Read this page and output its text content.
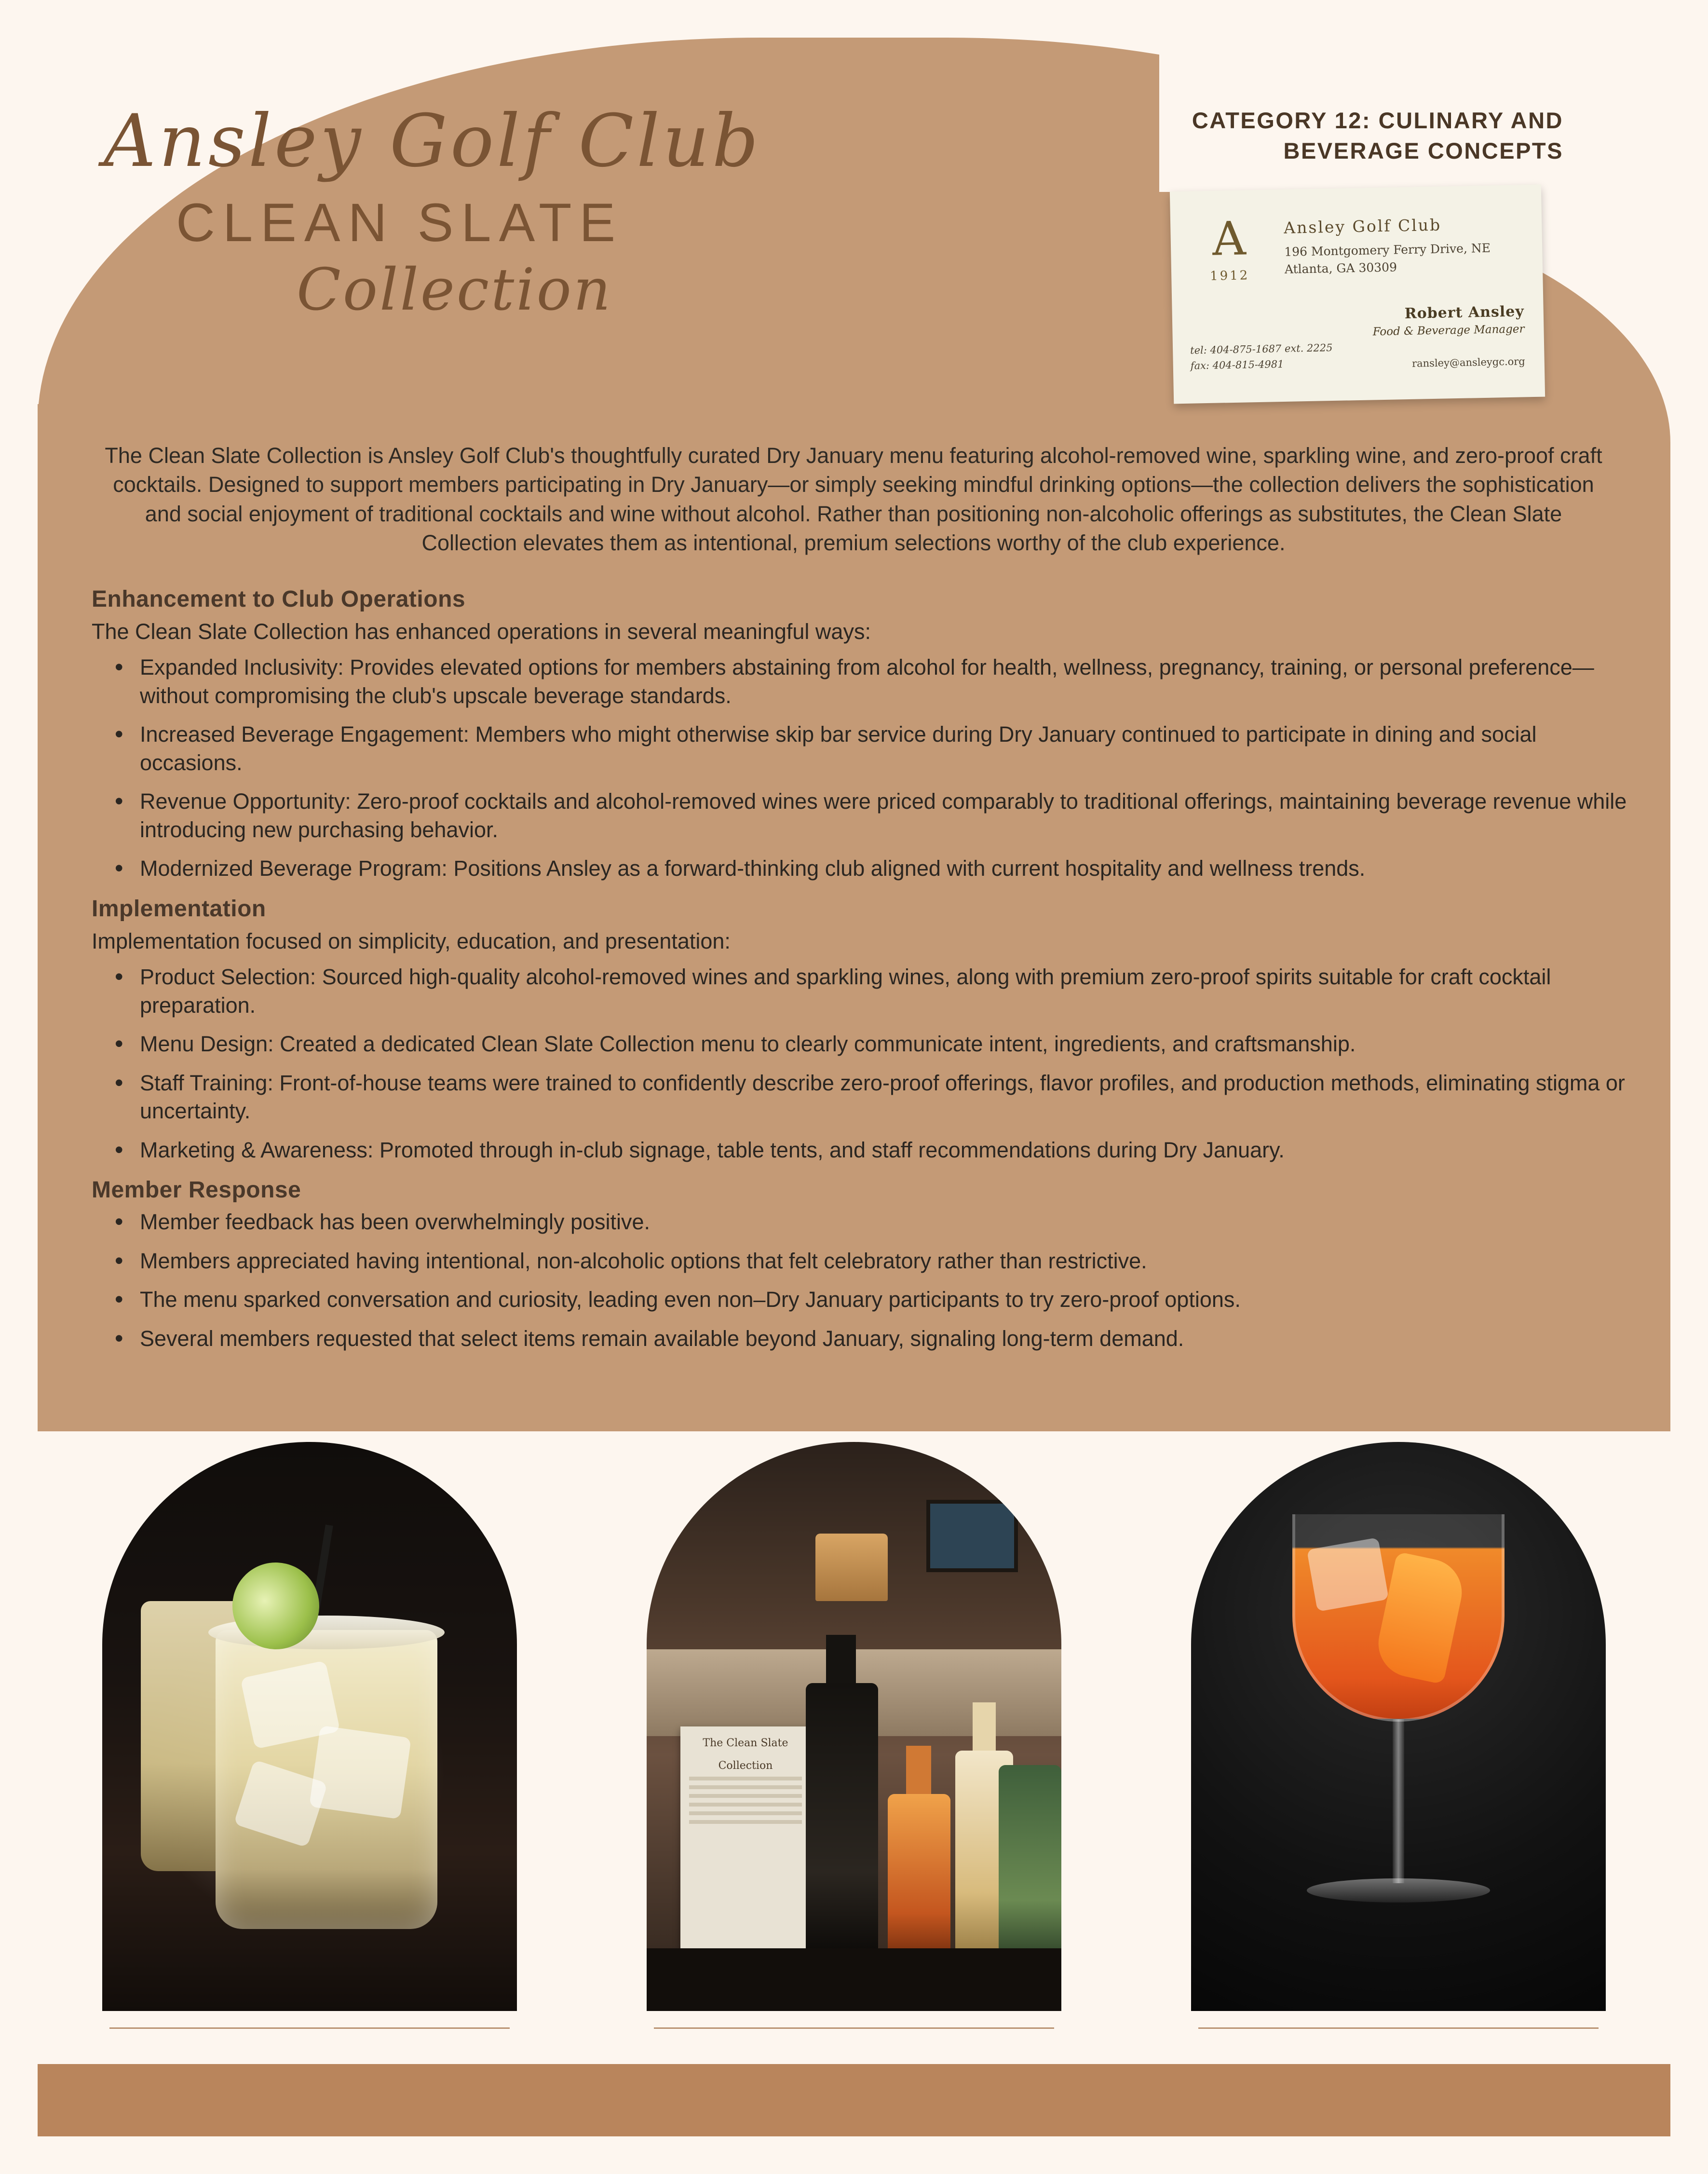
CATEGORY 12: CULINARY AND BEVERAGE CONCEPTS
Ansley Golf Club
CLEAN SLATE
Collection
A
1912
Ansley Golf Club
196 Montgomery Ferry Drive, NE
Atlanta, GA 30309
Robert Ansley
Food & Beverage Manager
tel: 404-875-1687 ext. 2225
fax: 404-815-4981	ransley@ansleygc.org
The Clean Slate Collection is Ansley Golf Club's thoughtfully curated Dry January menu featuring alcohol-removed wine, sparkling wine, and zero-proof craft cocktails. Designed to support members participating in Dry January—or simply seeking mindful drinking options—the collection delivers the sophistication and social enjoyment of traditional cocktails and wine without alcohol. Rather than positioning non-alcoholic offerings as substitutes, the Clean Slate Collection elevates them as intentional, premium selections worthy of the club experience.
Enhancement to Club Operations

The Clean Slate Collection has enhanced operations in several meaningful ways:

• Expanded Inclusivity: Provides elevated options for members abstaining from alcohol for health, wellness, pregnancy, training, or personal preference—without compromising the club's upscale beverage standards.
• Increased Beverage Engagement: Members who might otherwise skip bar service during Dry January continued to participate in dining and social occasions.
• Revenue Opportunity: Zero-proof cocktails and alcohol-removed wines were priced comparably to traditional offerings, maintaining beverage revenue while introducing new purchasing behavior.
• Modernized Beverage Program: Positions Ansley as a forward-thinking club aligned with current hospitality and wellness trends.
Implementation

Implementation focused on simplicity, education, and presentation:

• Product Selection: Sourced high-quality alcohol-removed wines and sparkling wines, along with premium zero-proof spirits suitable for craft cocktail preparation.
• Menu Design: Created a dedicated Clean Slate Collection menu to clearly communicate intent, ingredients, and craftsmanship.
• Staff Training: Front-of-house teams were trained to confidently describe zero-proof offerings, flavor profiles, and production methods, eliminating stigma or uncertainty.
• Marketing & Awareness: Promoted through in-club signage, table tents, and staff recommendations during Dry January.
Member Response
• Member feedback has been overwhelmingly positive.
• Members appreciated having intentional, non-alcoholic options that felt celebratory rather than restrictive.
• The menu sparked conversation and curiosity, leading even non–Dry January participants to try zero-proof options.
• Several members requested that select items remain available beyond January, signaling long-term demand.
The Clean Slate
Collection
